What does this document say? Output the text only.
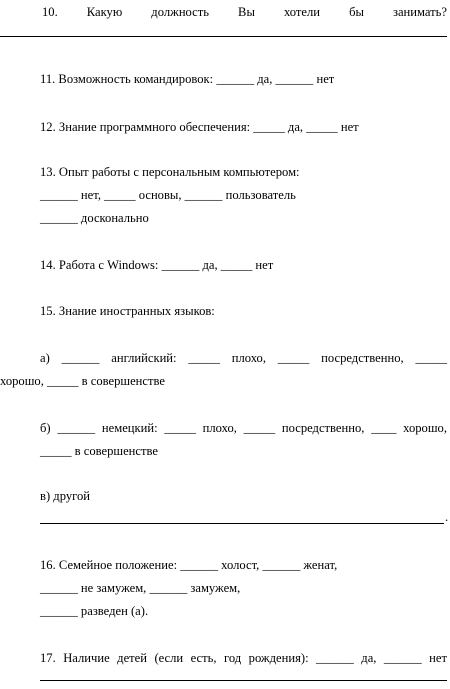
10. Какую должность Вы хотели бы занимать?
11. Возможность командировок: ______ да, ______ нет
12. Знание программного обеспечения: _____ да, _____ нет
13. Опыт работы с персональным компьютером:
______ нет, _____ основы, ______ пользователь
______ досконально
14. Работа с Windows: ______ да, _____ нет
15. Знание иностранных языков:
а) ______ английский: _____ плохо, _____ посредственно, _____
хорошо, _____ в совершенстве
б) ______ немецкий: _____ плохо, _____ посредственно, ____ хорошо,
_____ в совершенстве
в) другой
.
16. Семейное положение: ______ холост, ______ женат,
______ не замужем, ______ замужем,
______ разведен (а).
17. Наличие детей (если есть, год рождения): ______ да, ______ нет
